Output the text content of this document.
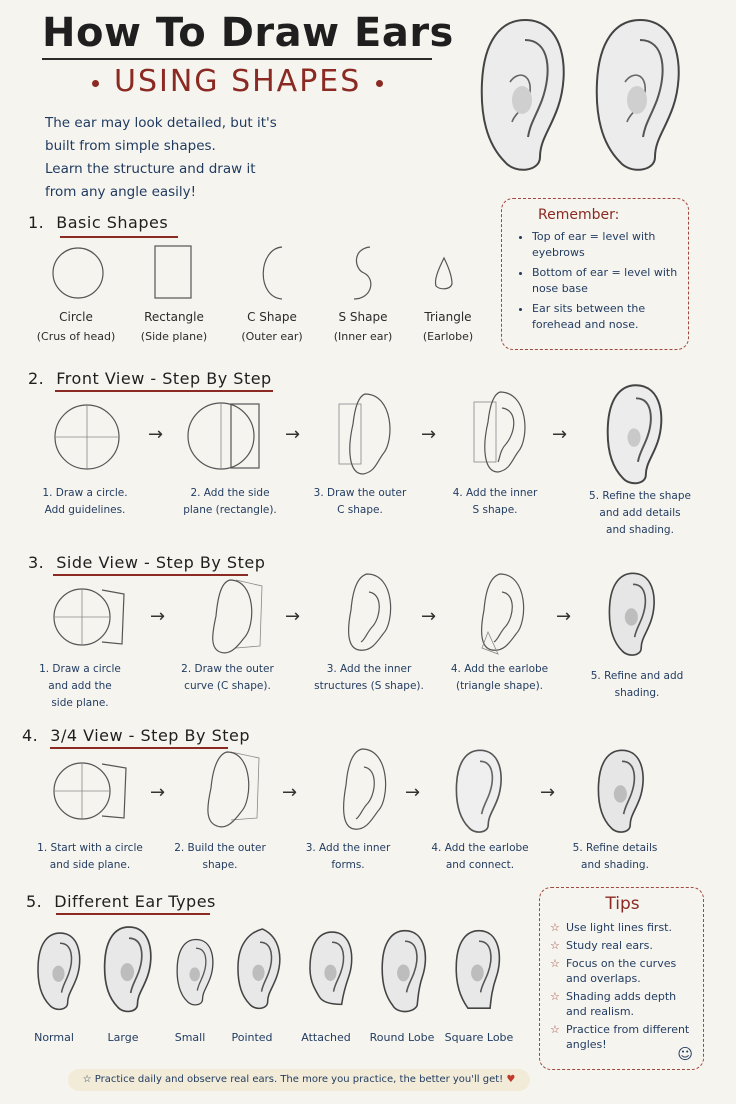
How To Draw Ears
USING SHAPES
The ear may look detailed, but it's
built from simple shapes.
Learn the structure and draw it
from any angle easily!
1. Basic Shapes	Remember:
• Top of ear = level with eyebrows
• Bottom of ear = level with nose base
• Ear sits between the forehead and nose.
Circle
(Crus of head)
Rectangle
(Side plane)
C Shape
(Outer ear)
S Shape
(Inner ear)
Triangle
(Earlobe)
2. Front View - Step By Step
→	→	→	→
1. Draw a circle.
Add guidelines.
2. Add the side
plane (rectangle).
3. Draw the outer
C shape.
4. Add the inner
S shape.
5. Refine the shape
and add details
and shading.
3. Side View - Step By Step
→	→	→	→
1. Draw a circle
and add the
side plane.
2. Draw the outer
curve (C shape).
3. Add the inner
structures (S shape).
4. Add the earlobe
(triangle shape).
5. Refine and add
shading.
4. 3/4 View - Step By Step
→	→	→	→
1. Start with a circle
and side plane.
2. Build the outer
shape.
3. Add the inner
forms.
4. Add the earlobe
and connect.
5. Refine details
and shading.
5. Different Ear Types
Normal	Large	Small	Pointed	Attached	Round Lobe Square Lobe
Tips
☆ Use light lines first.
☆ Study real ears.
☆ Focus on the curves
and overlaps.
☆ Shading adds depth
and realism.
☆ Practice from different
angles!
☺
☆ Practice daily and observe real ears. The more you practice, the better you'll get! ♥
